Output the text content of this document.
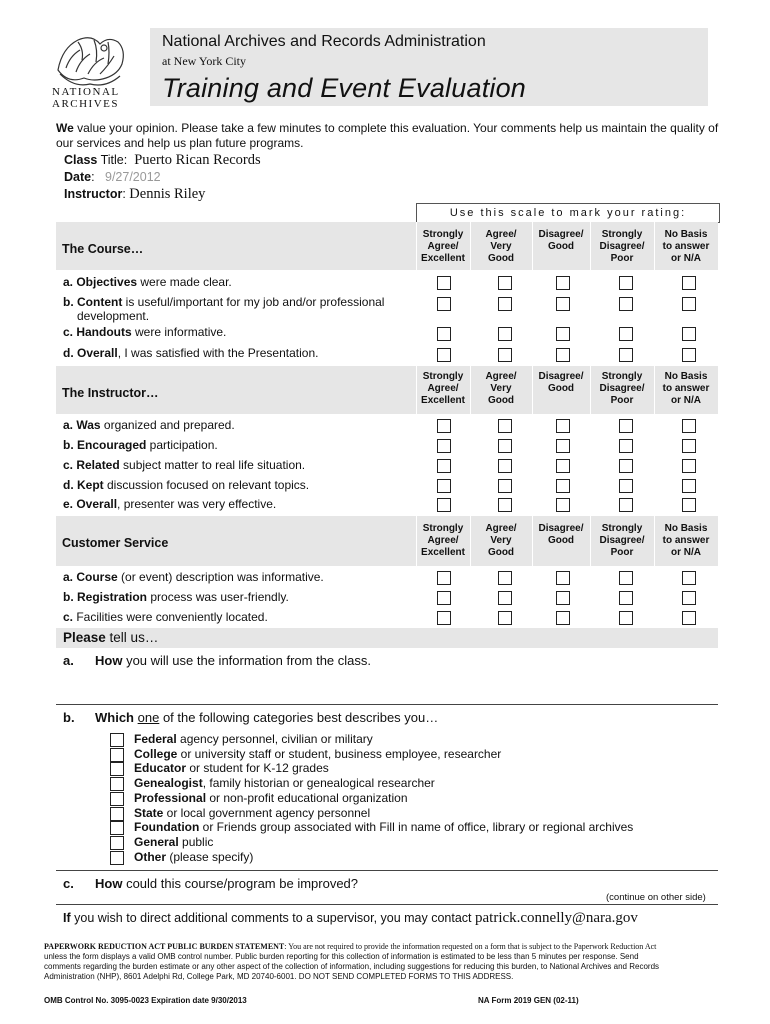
NATIONAL
ARCHIVES
National Archives and Records Administration
at New York City
Training and Event Evaluation
We value your opinion. Please take a few minutes to complete this evaluation. Your comments help us maintain the quality of our services and help us plan future programs.
Class Title: Puerto Rican Records
Date:   9/27/2012
Instructor: Dennis Riley
Use this scale to mark your rating:
The Course…
Strongly
Agree/
Excellent
Agree/
Very
Good
Disagree/
Good
Strongly
Disagree/
Poor
No Basis
to answer
or N/A
a. Objectives were made clear.
b. Content is useful/important for my job and/or professional
development.
c. Handouts were informative.
d. Overall, I was satisfied with the Presentation.
The Instructor…
Strongly
Agree/
Excellent
Agree/
Very
Good
Disagree/
Good
Strongly
Disagree/
Poor
No Basis
to answer
or N/A
a. Was organized and prepared.
b. Encouraged participation.
c. Related subject matter to real life situation.
d. Kept discussion focused on relevant topics.
e. Overall, presenter was very effective.
Customer Service
Strongly
Agree/
Excellent
Agree/
Very
Good
Disagree/
Good
Strongly
Disagree/
Poor
No Basis
to answer
or N/A
a. Course (or event) description was informative.
b. Registration process was user-friendly.
c. Facilities were conveniently located.
Please tell us…
a. How you will use the information from the class.
b. Which one of the following categories best describes you…
Federal agency personnel, civilian or military
College or university staff or student, business employee, researcher
Educator or student for K-12 grades
Genealogist, family historian or genealogical researcher
Professional or non-profit educational organization
State or local government agency personnel
Foundation or Friends group associated with Fill in name of office, library or regional archives
General public
Other (please specify)
c. How could this course/program be improved?
(continue on other side)
If you wish to direct additional comments to a supervisor, you may contact patrick.connelly@nara.gov
PAPERWORK REDUCTION ACT PUBLIC BURDEN STATEMENT: You are not required to provide the information requested on a form that is subject to the Paperwork Reduction Act
unless the form displays a valid OMB control number. Public burden reporting for this collection of information is estimated to be less than 5 minutes per response. Send
comments regarding the burden estimate or any other aspect of the collection of information, including suggestions for reducing this burden, to National Archives and Records
Administration (NHP), 8601 Adelphi Rd, College Park, MD 20740-6001. DO NOT SEND COMPLETED FORMS TO THIS ADDRESS.
OMB Control No. 3095-0023 Expiration date 9/30/2013	NA Form 2019 GEN (02-11)
